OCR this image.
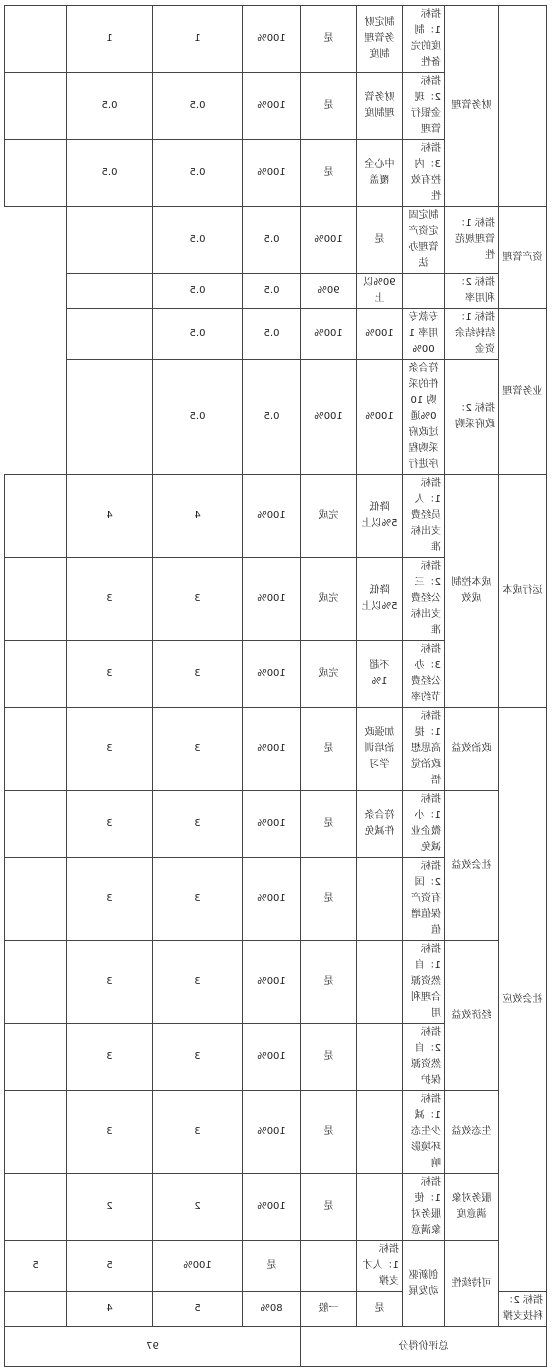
	财务管理	指标 1：制度的完备性	制定财务管理制度	是	100%	1	1		
		指标 2：现金银行管理	财务管理制度	是	100%	0.5	0.5		
		指标 3：内控有效性	中心全覆盖	是	100%	0.5	0.5		
资产管理	指标 1：管理规范性	制定固定资产管理办法	是	100%	0.5	0.5			
	指标 2：利用率		90%以上	90%	0.5	0.5			
业务管理	指标 1：结转结余资金	专款专用率 100%	100%	100%	0.5	0.5			
	指标 2：政府采购	符合条件的采购 100%通过政府采购程序进行	100%	100%	0.5	0.5			
运行成本	成本控制成效	指标 1：人员经费支出标准	降低 5%以上	完成	100%	4	4		
		指标 2：三公经费支出标准	降低 5%以上	完成	100%	3	3		
		指标 3：办公经费节约率	不超 1%	完成	100%	3	3		
社会效应	政治效益	指标 1：提高思想政治觉悟	加强政治培训学习	是	100%	3	3		
	社会效益	指标 1：小微企业减免	符合条件减免	是	100%	3	3		
		指标 2：国有资产保值增值		是	100%	3	3		
	经济效益	指标 1：自然资源合理利用		是	100%	3	3		
		指标 2：自然资源保护		是	100%	3	3		
	生态效益	指标 1：减少生态环境影响		是	100%	3	3		
	服务对象满意度	指标 1：使服务对象满意		是	100%	2	2		
	可持续性	创新驱动发展	指标 1：人才支撑		是	100%	5	5	
指标 2：科技支撑			是	一般	80%	5	4		
总评价得分					97				
